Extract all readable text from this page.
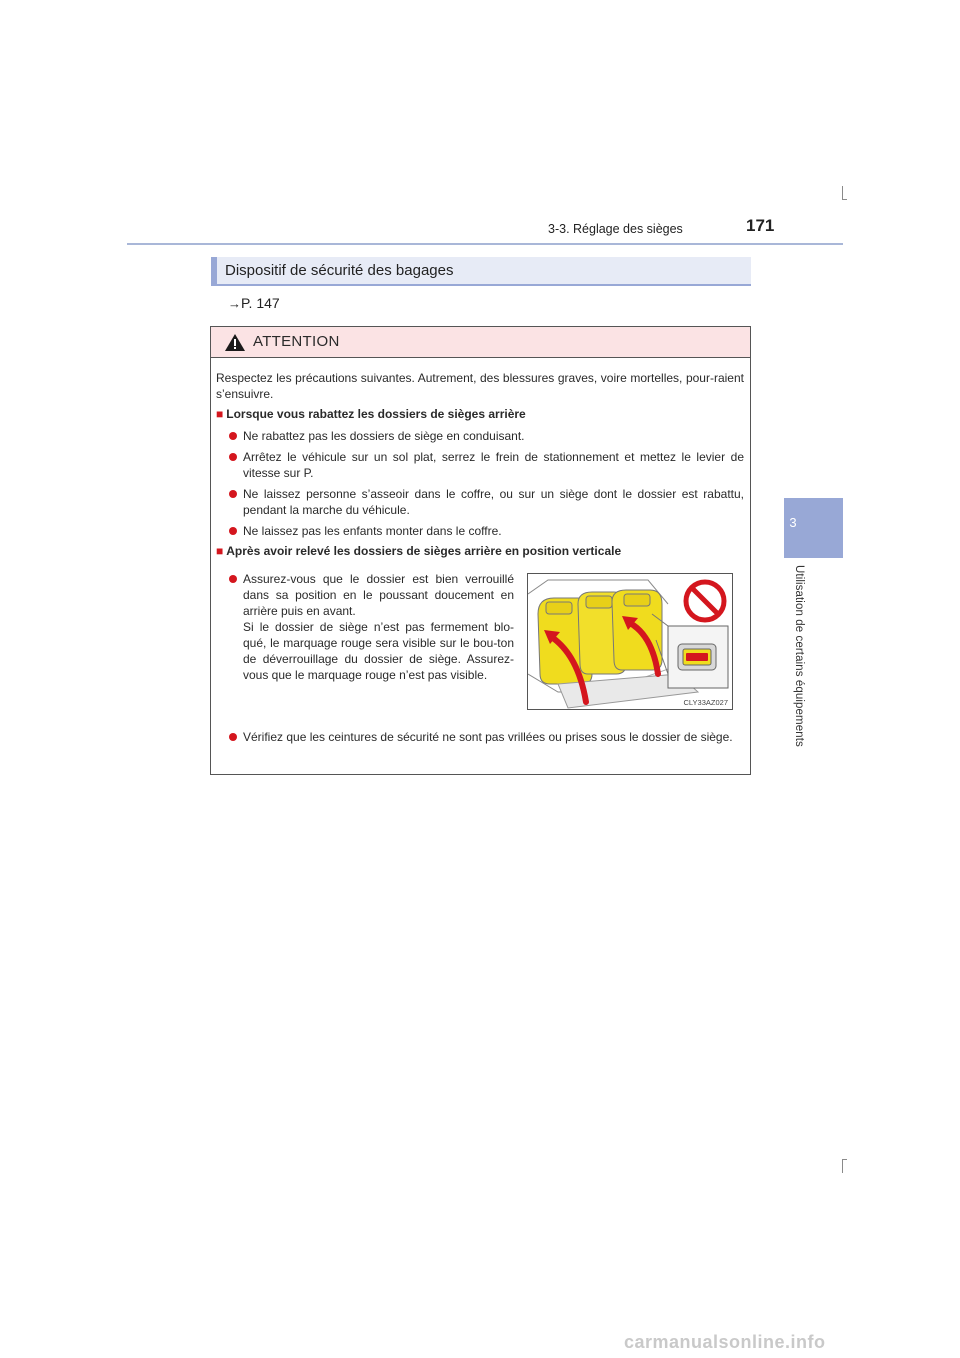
3-3. Réglage des sièges	171
3
Utilisation de certains équipements
Dispositif de sécurité des bagages
→P. 147
ATTENTION
Respectez les précautions suivantes. Autrement, des blessures graves, voire mortelles, pour-raient s’ensuivre.
■ Lorsque vous rabattez les dossiers de sièges arrière
Ne rabattez pas les dossiers de siège en conduisant.
Arrêtez le véhicule sur un sol plat, serrez le frein de stationnement et mettez le levier de vitesse sur P.
Ne laissez personne s’asseoir dans le coffre, ou sur un siège dont le dossier est rabattu, pendant la marche du véhicule.
Ne laissez pas les enfants monter dans le coffre.
■ Après avoir relevé les dossiers de sièges arrière en position verticale
Assurez-vous que le dossier est bien verrouillé dans sa position en le poussant doucement en arrière puis en avant.
Si le dossier de siège n’est pas fermement blo-qué, le marquage rouge sera visible sur le bou-ton de déverrouillage du dossier de siège. Assurez-vous que le marquage rouge n’est pas visible.
CLY33AZ027
Vérifiez que les ceintures de sécurité ne sont pas vrillées ou prises sous le dossier de siège.
carmanualsonline.info
